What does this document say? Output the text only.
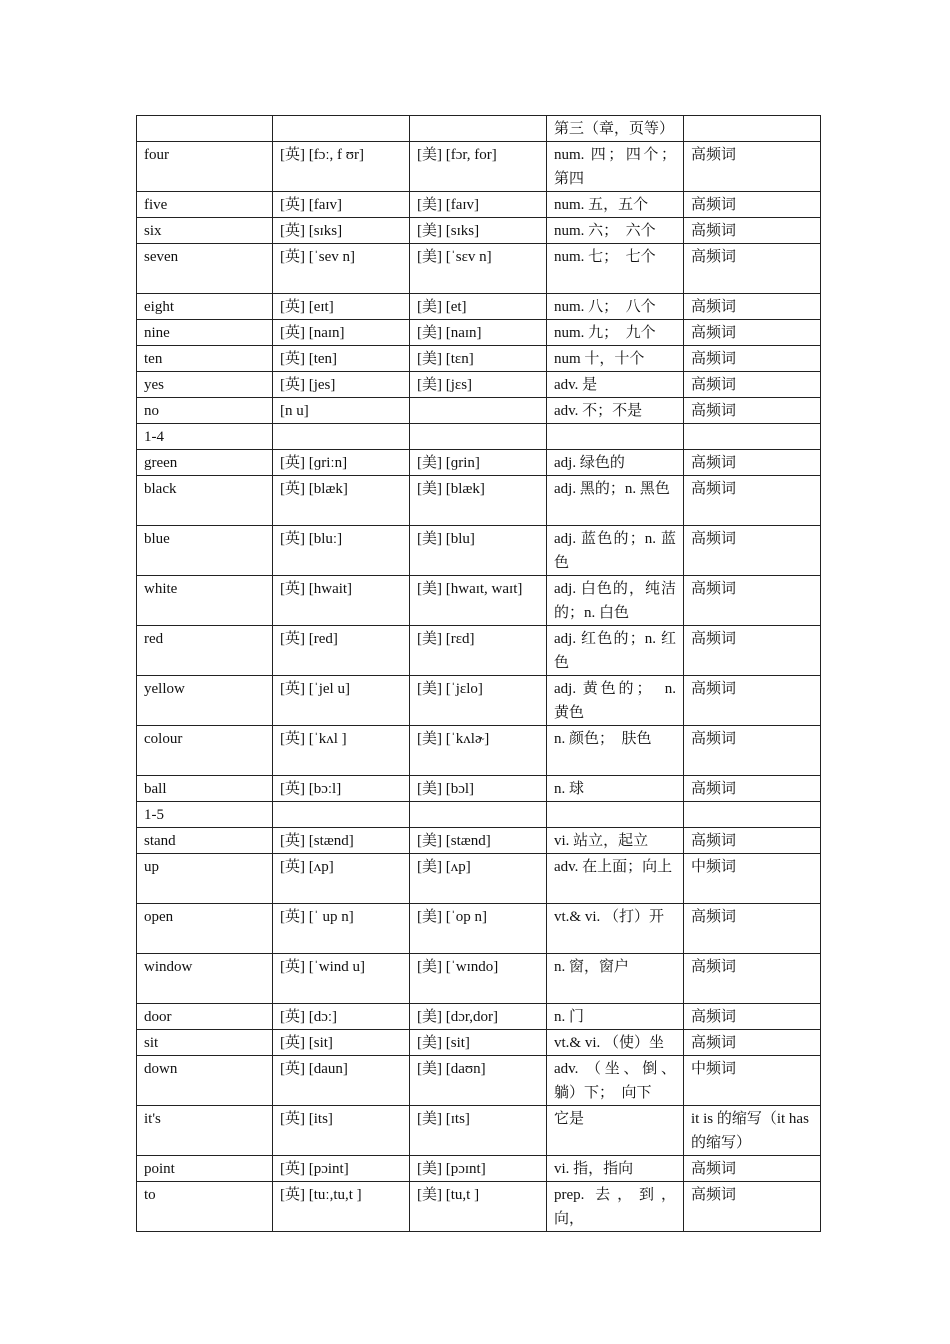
			第三（章，页等）	
four	[英] [fɔː, f ʊr]	[美] [fɔr, for]	num. 四；四个；第四	高频词
five	[英] [faɪv]	[美] [faɪv]	num. 五，五个	高频词
six	[英] [sɪks]	[美] [sɪks]	num. 六；　六个	高频词
seven	[英] [ˈsev n]	[美] [ˈsɛv n]	num. 七；　七个	高频词
eight	[英] [eɪt]	[美] [et]	num. 八；　八个	高频词
nine	[英] [naɪn]	[美] [naɪn]	num. 九；　九个	高频词
ten	[英] [ten]	[美] [tɛn]	num 十，十个	高频词
yes	[英] [jes]	[美] [jɛs]	adv. 是	高频词
no	[n u]		adv. 不；不是	高频词
1-4				
green	[英] [ɡriːn]	[美] [ɡrin]	adj. 绿色的	高频词
black	[英] [blæk]	[美] [blæk]	adj. 黑的；n. 黑色	高频词
blue	[英] [bluː]	[美] [blu]	adj. 蓝色的；n. 蓝色	高频词
white	[英] [hwait]	[美] [hwaɪt, waɪt]	adj. 白色的，纯洁的；n. 白色	高频词
red	[英] [red]	[美] [rɛd]	adj. 红色的；n. 红色	高频词
yellow	[英] [ˈjel u]	[美] [ˈjɛlo]	adj. 黄色的；　n. 黄色	高频词
colour	[英] [ˈkʌl ]	[美] [ˈkʌlɚ]	n. 颜色；　肤色	高频词
ball	[英] [bɔːl]	[美] [bɔl]	n. 球	高频词
1-5				
stand	[英] [stænd]	[美] [stænd]	vi. 站立，起立	高频词
up	[英] [ʌp]	[美] [ʌp]	adv. 在上面；向上	中频词
open	[英] [ˈ up n]	[美] [ˈop n]	vt.& vi. （打）开	高频词
window	[英] [ˈwind u]	[美] [ˈwɪndo]	n. 窗，窗户	高频词
door	[英] [dɔː]	[美] [dɔr,dor]	n. 门	高频词
sit	[英] [sit]	[美] [sit]	vt.& vi. （使）坐	高频词
down	[英] [daun]	[美] [daʊn]	adv. （坐、倒、躺）下；　向下	中频词
it's	[英] [its]	[美] [ɪts]	它是	it is 的缩写（it has 的缩写）
point	[英] [pɔint]	[美] [pɔɪnt]	vi. 指，指向	高频词
to	[英] [tuː,tu,t ]	[美] [tu,t ]	prep. 去，到，向，	高频词
